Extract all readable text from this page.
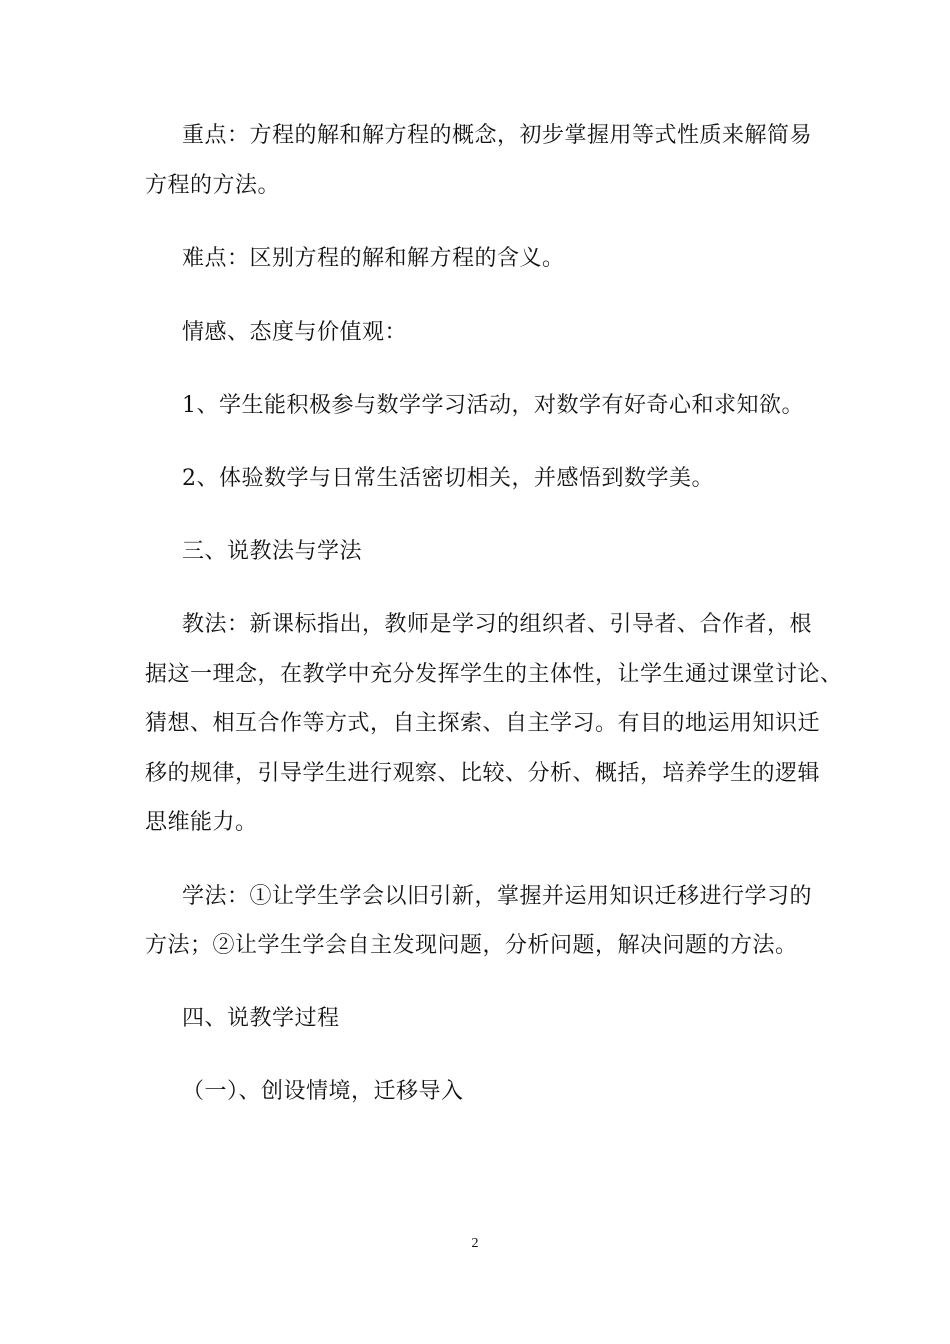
重点：方程的解和解方程的概念，初步掌握用等式性质来解简易
方程的方法。
难点：区别方程的解和解方程的含义。
情感、态度与价值观：
1、学生能积极参与数学学习活动，对数学有好奇心和求知欲。
2、体验数学与日常生活密切相关，并感悟到数学美。
三、说教法与学法
教法：新课标指出，教师是学习的组织者、引导者、合作者，根
据这一理念，在教学中充分发挥学生的主体性，让学生通过课堂讨论、
猜想、相互合作等方式，自主探索、自主学习。有目的地运用知识迁
移的规律，引导学生进行观察、比较、分析、概括，培养学生的逻辑
思维能力。
学法：①让学生学会以旧引新，掌握并运用知识迁移进行学习的
方法；②让学生学会自主发现问题，分析问题，解决问题的方法。
四、说教学过程
（一）、创设情境，迁移导入
2
